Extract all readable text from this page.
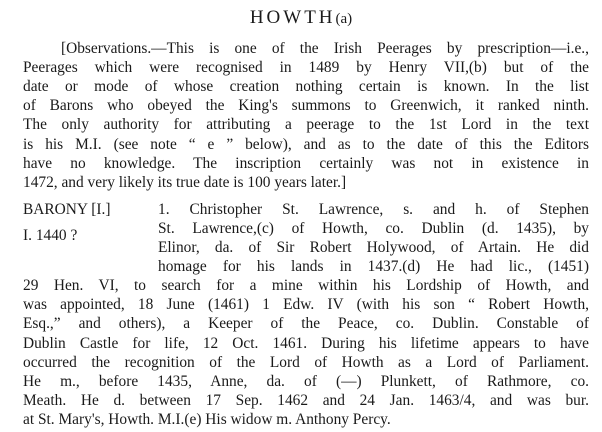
HOWTH(a)
[Observations.—This is one of the Irish Peerages by prescription—i.e.,
Peerages which were recognised in 1489 by Henry VII,(b) but of the
date or mode of whose creation nothing certain is known. In the list
of Barons who obeyed the King's summons to Greenwich, it ranked ninth.
The only authority for attributing a peerage to the 1st Lord in the text
is his M.I. (see note “ e ” below), and as to the date of this the Editors
have no knowledge. The inscription certainly was not in existence in
1472, and very likely its true date is 100 years later.]
BARONY [I.]
I. 1440 ?
1. Christopher St. Lawrence, s. and h. of Stephen
St. Lawrence,(c) of Howth, co. Dublin (d. 1435), by
Elinor, da. of Sir Robert Holywood, of Artain. He did
homage for his lands in 1437.(d) He had lic., (1451)
29 Hen. VI, to search for a mine within his Lordship of Howth, and
was appointed, 18 June (1461) 1 Edw. IV (with his son “ Robert Howth,
Esq.,” and others), a Keeper of the Peace, co. Dublin. Constable of
Dublin Castle for life, 12 Oct. 1461. During his lifetime appears to have
occurred the recognition of the Lord of Howth as a Lord of Parliament.
He m., before 1435, Anne, da. of (—) Plunkett, of Rathmore, co.
Meath. He d. between 17 Sep. 1462 and 24 Jan. 1463/4, and was bur.
at St. Mary's, Howth. M.I.(e) His widow m. Anthony Percy.
